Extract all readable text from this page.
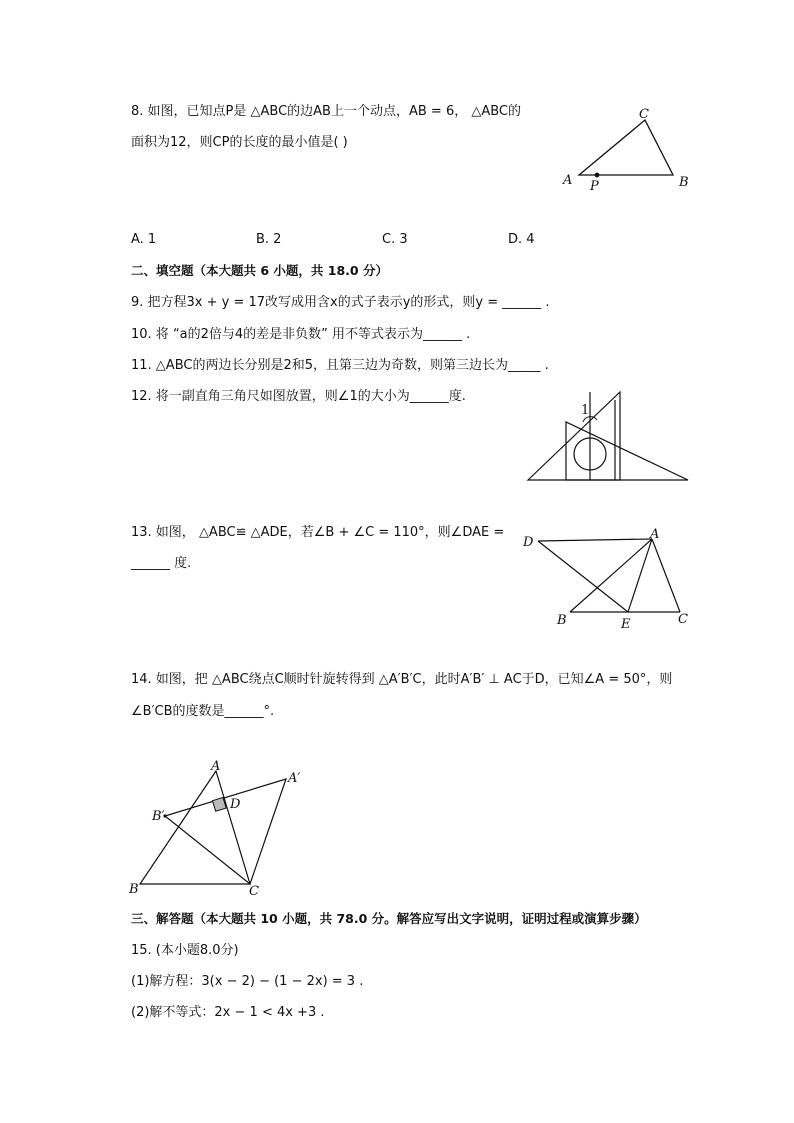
8. 如图，已知点P是 △ABC的边AB上一个动点，AB = 6， △ABC的
面积为12，则CP的长度的最小值是( )
C
A P	B
A. 1	B. 2	C. 3	D. 4
二、填空题（本大题共 6 小题，共 18.0 分）
9. 把方程3x + y = 17改写成用含x的式子表示y的形式，则y = ______ .
10. 将 “a的2倍与4的差是非负数” 用不等式表示为______ .
11. △ABC的两边长分别是2和5，且第三边为奇数，则第三边长为_____ .
12. 将一副直角三角尺如图放置，则∠1的大小为______度.
1
13. 如图， △ABC≌ △ADE，若∠B + ∠C = 110°，则∠DAE =
______ 度.
D
A
B	E	C
14. 如图，把 △ABC绕点C顺时针旋转得到 △A′B′C，此时A′B′ ⊥ AC于D，已知∠A = 50°，则
∠B′CB的度数是______°.
A
A′
D
B′
B	C
三、解答题（本大题共 10 小题，共 78.0 分。解答应写出文字说明，证明过程或演算步骤）
15. (本小题8.0分)
(1)解方程：3(x − 2) − (1 − 2x) = 3 .
(2)解不等式：2x − 1 < 4x +3 .
